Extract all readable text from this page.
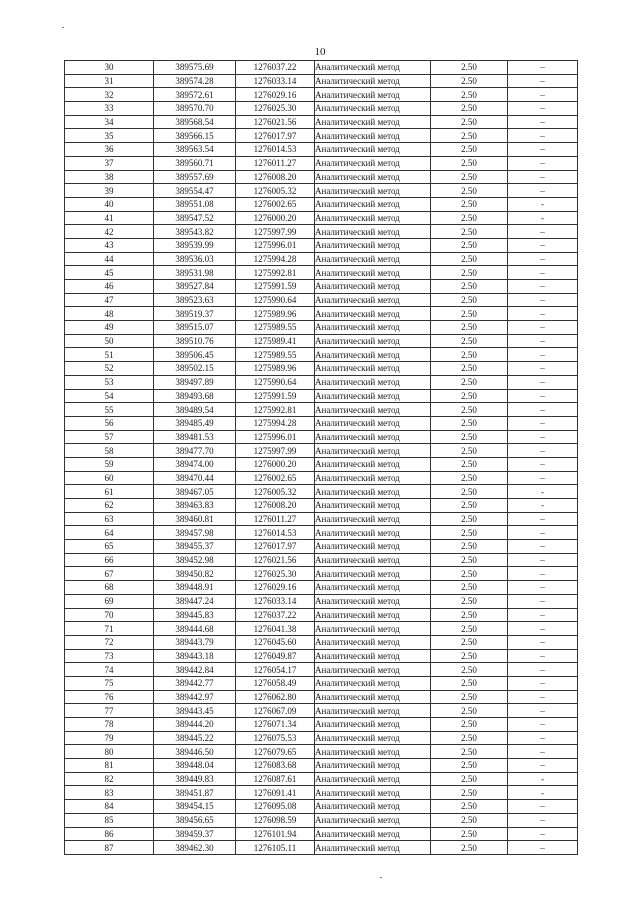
10
30	389575.69	1276037.22	Аналитический метод	2.50	–
31	389574.28	1276033.14	Аналитический метод	2.50	–
32	389572.61	1276029.16	Аналитический метод	2.50	–
33	389570.70	1276025.30	Аналитический метод	2.50	–
34	389568.54	1276021.56	Аналитический метод	2.50	–
35	389566.15	1276017.97	Аналитический метод	2.50	–
36	389563.54	1276014.53	Аналитический метод	2.50	–
37	389560.71	1276011.27	Аналитический метод	2.50	–
38	389557.69	1276008.20	Аналитический метод	2.50	–
39	389554.47	1276005.32	Аналитический метод	2.50	–
40	389551.08	1276002.65	Аналитический метод	2.50	-
41	389547.52	1276000.20	Аналитический метод	2.50	-
42	389543.82	1275997.99	Аналитический метод	2.50	–
43	389539.99	1275996.01	Аналитический метод	2.50	–
44	389536.03	1275994.28	Аналитический метод	2.50	–
45	389531.98	1275992.81	Аналитический метод	2.50	–
46	389527.84	1275991.59	Аналитический метод	2.50	–
47	389523.63	1275990.64	Аналитический метод	2.50	–
48	389519.37	1275989.96	Аналитический метод	2.50	–
49	389515.07	1275989.55	Аналитический метод	2.50	–
50	389510.76	1275989.41	Аналитический метод	2.50	–
51	389506.45	1275989.55	Аналитический метод	2.50	–
52	389502.15	1275989.96	Аналитический метод	2.50	–
53	389497.89	1275990.64	Аналитический метод	2.50	–
54	389493.68	1275991.59	Аналитический метод	2.50	–
55	389489.54	1275992.81	Аналитический метод	2.50	–
56	389485.49	1275994.28	Аналитический метод	2.50	–
57	389481.53	1275996.01	Аналитический метод	2.50	–
58	389477.70	1275997.99	Аналитический метод	2.50	–
59	389474.00	1276000.20	Аналитический метод	2.50	–
60	389470.44	1276002.65	Аналитический метод	2.50	–
61	389467.05	1276005.32	Аналитический метод	2.50	-
62	389463.83	1276008.20	Аналитический метод	2.50	-
63	389460.81	1276011.27	Аналитический метод	2.50	–
64	389457.98	1276014.53	Аналитический метод	2.50	–
65	389455.37	1276017.97	Аналитический метод	2.50	–
66	389452.98	1276021.56	Аналитический метод	2.50	–
67	389450.82	1276025.30	Аналитический метод	2.50	–
68	389448.91	1276029.16	Аналитический метод	2.50	–
69	389447.24	1276033.14	Аналитический метод	2.50	–
70	389445.83	1276037.22	Аналитический метод	2.50	–
71	389444.68	1276041.38	Аналитический метод	2.50	–
72	389443.79	1276045.60	Аналитический метод	2.50	–
73	389443.18	1276049.87	Аналитический метод	2.50	–
74	389442.84	1276054.17	Аналитический метод	2.50	–
75	389442.77	1276058.49	Аналитический метод	2.50	–
76	389442.97	1276062.80	Аналитический метод	2.50	–
77	389443.45	1276067.09	Аналитический метод	2.50	–
78	389444.20	1276071.34	Аналитический метод	2.50	–
79	389445.22	1276075.53	Аналитический метод	2.50	–
80	389446.50	1276079.65	Аналитический метод	2.50	–
81	389448.04	1276083.68	Аналитический метод	2.50	–
82	389449.83	1276087.61	Аналитический метод	2.50	-
83	389451.87	1276091.41	Аналитический метод	2.50	-
84	389454.15	1276095.08	Аналитический метод	2.50	–
85	389456.65	1276098.59	Аналитический метод	2.50	–
86	389459.37	1276101.94	Аналитический метод	2.50	–
87	389462.30	1276105.11	Аналитический метод	2.50	–
